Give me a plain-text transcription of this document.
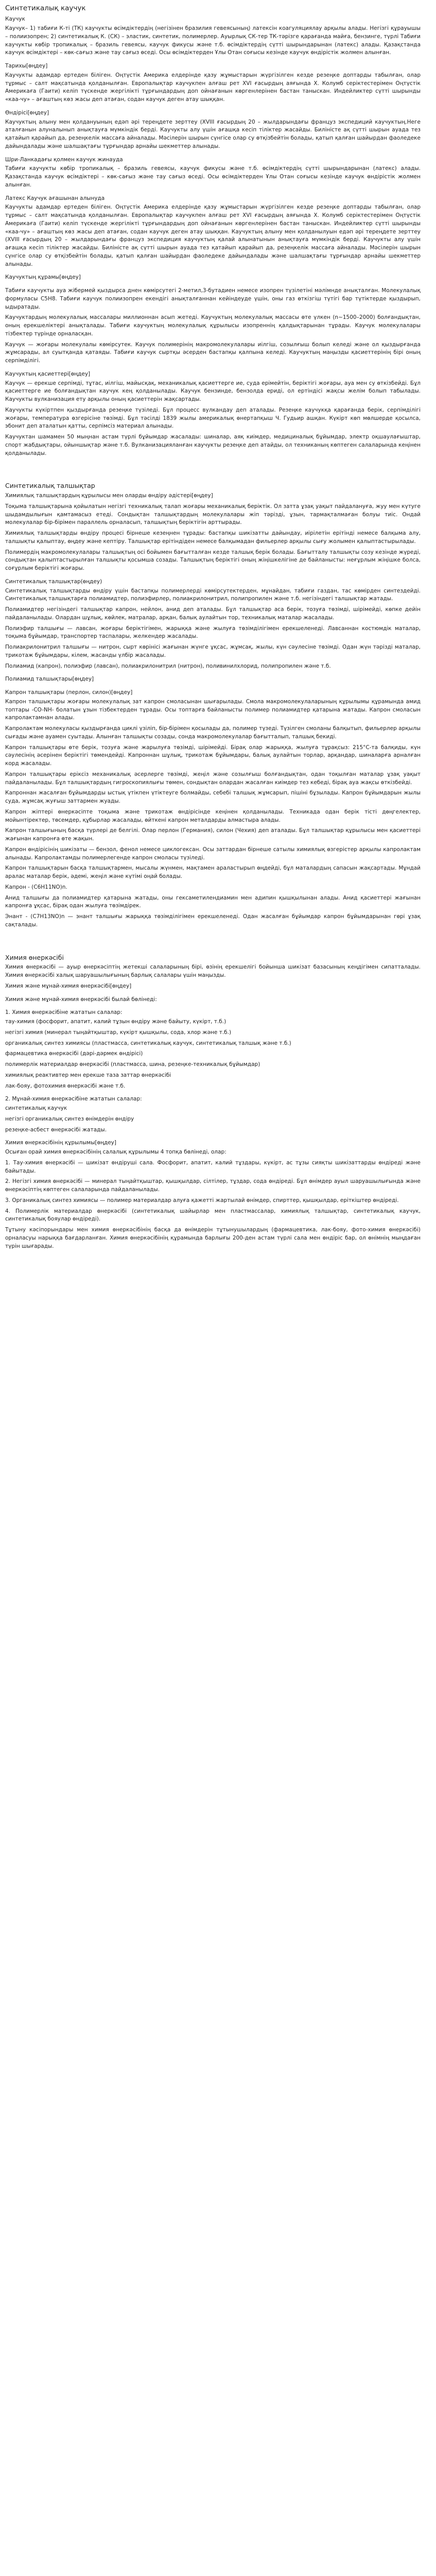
Синтетикалық каучук
Каучук

Каучук– 1) табиғи К-ті (ТК) каучукты өсімдіктердің (негізінен бразилия гевеясының) латексін коагуляциялау арқылы алады. Негізгі құрауышы – полиизопрен; 2) синтетикалық К. (СК) – эластик, синтетик, полимерлер. Ауырлық СК-тер ТК-тәрізге қарағанда майға, бензинге, түрлі Табиғи каучукты көбір тропикалық – бразиль гевеясы, каучук фикусы және т.б. өсімдіктердің сүтті шырындарынан (латекс) алады. Қазақстанда каучук өсімдіктері – көк-сағыз және тау сағыз өседі. Осы өсімдіктерден Ұлы Отан соғысы кезінде каучук өндірістік жолмен алынған.

Тарихы[өңдеу]

Каучукты адамдар ертеден біліген. Оңтүстік Америка елдерінде қазу жұмыстарын жүргізілген кезде резеңке доптарды табылған, олар тұрмыс – салт мақсатында қолданылған. Европалықтар каучукпен алғаш рет ХVI ғасырдың аяғында Х. Колумб серіктестерімен Оңтүстік Америкаға (Гаити) келіп түскенде жергілікті тұрғындардың доп ойнағанын көргенлерінен бастан таныскан. Индейликтер сүтті шырынды «каа-чу» – ағаштың көз жасы деп атаған, содан каучук деген атау шыққан.

Өндірісі[өңдеу]

Каучуктың алыну мен қолдануының едәп әрі тереңдете зерттеу (XVIII ғасырдың 20 – жылдарындағы француз экспедиций каучуктың.Неге аталғанын алуналынып анықтауға мүмкіндік берді. Каучукты алу үшін ағашқа кесіп тіліктер жасайды. Биліністе ақ сүтті шырын ауада тез қатайып қарайып да, резеңкелік массаға айналады. Мәсілерін шырын сүнгісе олар су өтқізбейтін болады, қатып қалған шайырдан фаоледеке дайындалады және шалшақтағы тұрғындар арнайы шекметтер алынады.

Шри-Ланкадағы қолмен каучук жинауда

Табиғи каучукты көбір тропикалық – бразиль гевеясы, каучук фикусы және т.б. өсімдіктердің сүтті шырындарынан (латекс) алады. Қазақстанда каучук өсімдіктері – көк-сағыз және тау сағыз өседі. Осы өсімдіктерден Ұлы Отан соғысы кезінде каучук өндірістік жолмен алынған.

Латекс Каучук ағашынан алынуда

Каучукты адамдар ертеден біліген. Оңтүстік Америка елдерінде қазу жұмыстарын жүргізілген кезде резеңке доптарды табылған, олар тұрмыс – салт мақсатында қолданылған. Европалықтар каучукпен алғаш рет ХVI ғасырдың аяғында Х. Колумб серіктестерімен Оңтүстік Америкаға (Гаити) келіп түскенде жергілікті тұрғындардың доп ойнағанын көргенлерінен бастан таныскан. Индейликтер сүтті шырынды «каа-чу» – ағаштың көз жасы деп атаған, содан каучук деген атау шыққан. Каучуктың алыну мен қолданылуын едәп әрі тереңдете зерттеу (XVIII ғасырдың 20 – жылдарындағы француз экспедиция каучуктың қалай алынатынын анықтауға мүмкіндік берді. Каучукты алу үшін ағашқа кесіп тіліктер жасайды. Биліністе ақ сүтті шырын ауада тез қатайып қарайып да, резеңкелік массаға айналады. Мәсілерін шырын сүнгісе олар су өтқізбейтін болады, қатып қалған шайырдан фаоледеке дайындалады және шалшақтағы тұрғындар арнайы шекметтер алынады.

Каучуктың құрамы[өңдеу]

Табиғи каучукты ауа жібермей қыздырса днен көмірсутегі 2-метил,3-бутадиен немесе изопрен түзілетіні мәлімнде анықталған. Молекулалық формуласы С5Н8. Табиғи каучук полиизопрен екендігі анықталғаннан кейіндеуде үшін, оны газ өткізгіш түтігі бар түтіктерде қыздырып, ыдыратады.

Каучуктардың молекулалық массалары миллионнан асып жетеді. Каучуктың молекулалық массасы өте үлкен (n~1500–2000) болғандықтан, оның ерекшеліктері анықталады. Табиғи каучуктың молекулалық құрылысы изопреннің қалдықтарынан тұрады. Каучук молекулалары тізбектер түрінде орналасқан.

Каучук — жоғары молекулалы көмірсутек. Каучук полимерінің макромолекулалары иілгіш, созылғыш болып келеді және ол қыздырғанда жұмсарады, ал суытқанда қатаяды. Табиғи каучук сыртқы әсерден бастапқы қалпына келеді. Каучуктың маңызды қасиеттерінің бірі оның серпімділігі.

Каучуктың қасиеттері[өңдеу]

Каучук — ерекше серпімді, тұтас, иілгіш, майысқақ, механикалық қасиеттерге ие, суда ерімейтін, беріктігі жоғары, ауа мен су өткізбейді. Бұл қасиеттерге ие болғандықтан каучук кең қолданылады. Каучук бензинде, бензолда ериді, ол ертіндісі жақсы желім болып табылады. Каучукты вулканизация ету арқылы оның қасиеттерін жақсартады.

Каучукты күкіртпен қыздырғанда резеңке түзіледі. Бұл процесс вулкандау деп аталады. Резеңке каучукқа қарағанда берік, серпімділігі жоғары, температура өзгерісіне төзімді. Бұл тәсілді 1839 жылы америкалық өнертапқыш Ч. Гудьир ашқан. Күкірт көп мөлшерде қосылса, эбонит деп аталатын қатты, серпімсіз материал алынады.

Каучуктан шамамен 50 мыңнан астам түрлі бұйымдар жасалады: шиналар, аяқ киімдер, медициналық бұйымдар, электр оқшаулағыштар, спорт жабдықтары, ойыншықтар және т.б. Вулканизацияланған каучукты резеңке деп атайды, ол техниканың көптеген салаларында кеңінен қолданылады.

Синтетикалық талшықтар

Химиялық талшықтардың құрылысы мен оларды өндіру әдістері[өңдеу]

Тоқыма талшықтарына қойылатын негізгі техникалық талап жоғары механикалық беріктік. Ол затта ұзақ уақыт пайдалануға, жуу мен күтуге шыдамдылығын қамтамасыз етеді. Сондықтан талшықтардың молекулалары жіп тәрізді, ұзын, тармақталмаған болуы тиіс. Ондай молекулалар бір-бірімен параллель орналасып, талшықтың беріктігін арттырады.

Химиялық талшықтарды өндіру процесі бірнеше кезеңнен тұрады: бастапқы шикізатты дайындау, иірілетін ерітінді немесе балқыма алу, талшықты қалыптау, өңдеу және кептіру. Талшықтар ерітіндіден немесе балқымадан фильерлер арқылы сығу жолымен қалыптастырылады.

Полимердің макромолекулалары талшықтың осі бойымен бағытталған кезде талшық берік болады. Бағытталу талшықты созу кезінде жүреді, сондықтан қалыптастырылған талшықты қосымша созады. Талшықтың беріктігі оның жіңішкелігіне де байланысты: неғұрлым жіңішке болса, соғұрлым беріктігі жоғары.

Синтетикалық талшықтар(өңдеу)

Синтетикалық талшықтарды өндіру үшін бастапқы полимерлерді көмірсутектерден, мұнайдан, табиғи газдан, тас көмірден синтездейді. Синтетикалық талшықтарға полиамидтер, полиэфирлер, полиакрилонитрил, полипропилен және т.б. негізіндегі талшықтар жатады.

Полиамидтер негізіндегі талшықтар капрон, нейлон, анид деп аталады. Бұл талшықтар аса берік, тозуға төзімді, шірімейді, көпке дейін пайдаланылады. Олардан шұлық, көйлек, матралар, арқан, балық аулайтын тор, техникалық маталар жасалады.

Полиэфир талшығы — лавсан, жоғары беріктігімен, жарыққа және жылуға төзімділігімен ерекшеленеді. Лавсаннан костюмдік маталар, тоқыма бұйымдар, транспортер таспалары, желкендер жасалады.

Полиакрилонитрил талшығы — нитрон, сырт көрінісі жағынан жүнге ұқсас, жұмсақ, жылы, күн сәулесіне төзімді. Одан жүн тәрізді маталар, трикотаж бұйымдары, кілем, жасанды үлбір жасалады.

Полиамид (капрон), полиэфир (лавсан), полиакрилонитрил (нитрон), поливинилхлорид, полипропилен және т.б.

Полиамид талшықтары[өңдеу]
Капрон талшықтары (перлон, силон)[өңдеу]

Капрон талшықтары жоғары молекулалық зат капрон смоласынан шығарылады. Смола макромолекулаларының құрылымы құрамында амид топтары -CO-NH- болатын ұзын тізбектерден тұрады. Осы топтарға байланысты полимер полиамидтер қатарына жатады. Капрон смоласын капролактамнан алады.

Капролактам молекуласы қыздырғанда циклі үзіліп, бір-бірімен қосылады да, полимер түзеді. Түзілген смоланы балқытып, фильерлер арқылы сығады және ауамен суытады. Алынған талшықты созады, сонда макромолекулалар бағытталып, талшық бекиді.

Капрон талшықтары өте берік, тозуға және жарылуға төзімді, шірімейді. Бірақ олар жарыққа, жылуға тұрақсыз: 215°С-та балқиды, күн сәулесінің әсерінен беріктігі төмендейді. Капроннан шұлық, трикотаж бұйымдары, балық аулайтын торлар, арқандар, шиналарға арналған корд жасалады.

Капрон талшықтары еріксіз механикалық әсерлерге төзімді, жеңіл және созылғыш болғандықтан, одан тоқылған маталар ұзақ уақыт пайдаланылады. Бұл талшықтардың гигроскопиялығы төмен, сондықтан олардан жасалған киімдер тез кебеді, бірақ ауа жақсы өткізбейді.

Капроннан жасалған бұйымдарды ыстық үтікпен үтіктеуге болмайды, себебі талшық жұмсарып, пішіні бұзылады. Капрон бұйымдарын жылы суда, жұмсақ жуғыш заттармен жуады.

Капрон жіптері өнеркәсіпте тоқыма және трикотаж өндірісінде кеңінен қолданылады. Техникада одан берік тісті дөңгелектер, мойынтіректер, төсемдер, құбырлар жасалады, өйткені капрон металдарды алмастыра алады.

Капрон талшығының басқа түрлері де белгілі. Олар перлон (Германия), силон (Чехия) деп аталады. Бұл талшықтар құрылысы мен қасиеттері жағынан капронға өте жақын.

Капрон өндірісінің шикізаты — бензол, фенол немесе циклогексан. Осы заттардан бірнеше сатылы химиялық өзгерістер арқылы капролактам алынады. Капролактамды полимерлегенде капрон смоласы түзіледі.

Капрон талшықтарын басқа талшықтармен, мысалы жүнмен, мақтамен араластырып өңдейді, бұл маталардың сапасын жақсартады. Мұндай аралас маталар берік, әдемі, жеңіл және күтімі оңай болады.

Капрон - (C6H11NO)n.

Анид талшығы да полиамидтер қатарына жатады, оны гексаметилендиамин мен адипин қышқылынан алады. Анид қасиеттері жағынан капронға ұқсас, бірақ одан жылуға төзімдірек.

Энант - (C7H13NO)n — энант талшығы жарыққа төзімділігімен ерекшеленеді. Одан жасалған бұйымдар капрон бұйымдарынан гөрі ұзақ сақталады.

Химия өнеркәсібі

Химия өнеркәсібі — ауыр өнеркәсіптің жетекші салаларының бірі, өзінің ерекшелігі бойынша шикізат базасының кеңдігімен сипатталады. Химия өнеркәсібі халық шаруашылығының барлық салалары үшін маңызды.

Химия және мұнай-химия өнеркәсібі[өңдеу]

Химия және мұнай-химия өнеркәсібі былай бөлінеді:

1. Химия өнеркәсібіне жататын салалар:
тау-химия (фосфорит, апатит, калий тұзын өндіру және байыту, күкірт, т.б.)
негізгі химия (минерал тыңайтқыштар, күкірт қышқылы, сода, хлор және т.б.)
органикалық синтез химиясы (пластмасса, синтетикалық каучук, синтетикалық талшық және т.б.)
фармацевтика өнеркәсібі (дәрі-дәрмек өндірісі)
полимерлік материалдар өнеркәсібі (пластмасса, шина, резеңке-техникалық бұйымдар)
химиялық реактивтер мен ерекше таза заттар өнеркәсібі
лак-бояу, фотохимия өнеркәсібі және т.б.
2. Мұнай-химия өнеркәсібіне жататын салалар:
синтетикалық каучук
негізгі органикалық синтез өнімдерін өндіру
резеңке-асбест өнеркәсібі жатады.
Химия өнеркәсібінің құрылымы[өңдеу]

Осыған орай химия өнеркәсібінің салалық құрылымы 4 топқа бөлінеді, олар:

1. Тау-химия өнеркәсібі — шикізат өндіруші сала. Фосфорит, апатит, калий тұздары, күкірт, ас тұзы сияқты шикізаттарды өндіреді және байытады.

2. Негізгі химия өнеркәсібі — минерал тыңайтқыштар, қышқылдар, сілтілер, тұздар, сода өндіреді. Бұл өнімдер ауыл шаруашылығында және өнеркәсіптің көптеген салаларында пайдаланылады.

3. Органикалық синтез химиясы — полимер материалдар алуға қажетті жартылай өнімдер, спирттер, қышқылдар, еріткіштер өндіреді.

4. Полимерлік материалдар өнеркәсібі (синтетикалық шайырлар мен пластмассалар, химиялық талшықтар, синтетикалық каучук, синтетикалық бояулар өндіреді).

Тұтыну кәсіпорындары мен химия өнеркәсібінің басқа да өнімдерін тұтынушылардың (фармацевтика, лак-бояу, фото-химия өнеркәсібі) орналасуы нарыққа бағдарланған. Химия өнеркәсібінің құрамында барлығы 200-ден астам түрлі сала мен өндіріс бар, ол өнімнің мыңдаған түрін шығарады.
